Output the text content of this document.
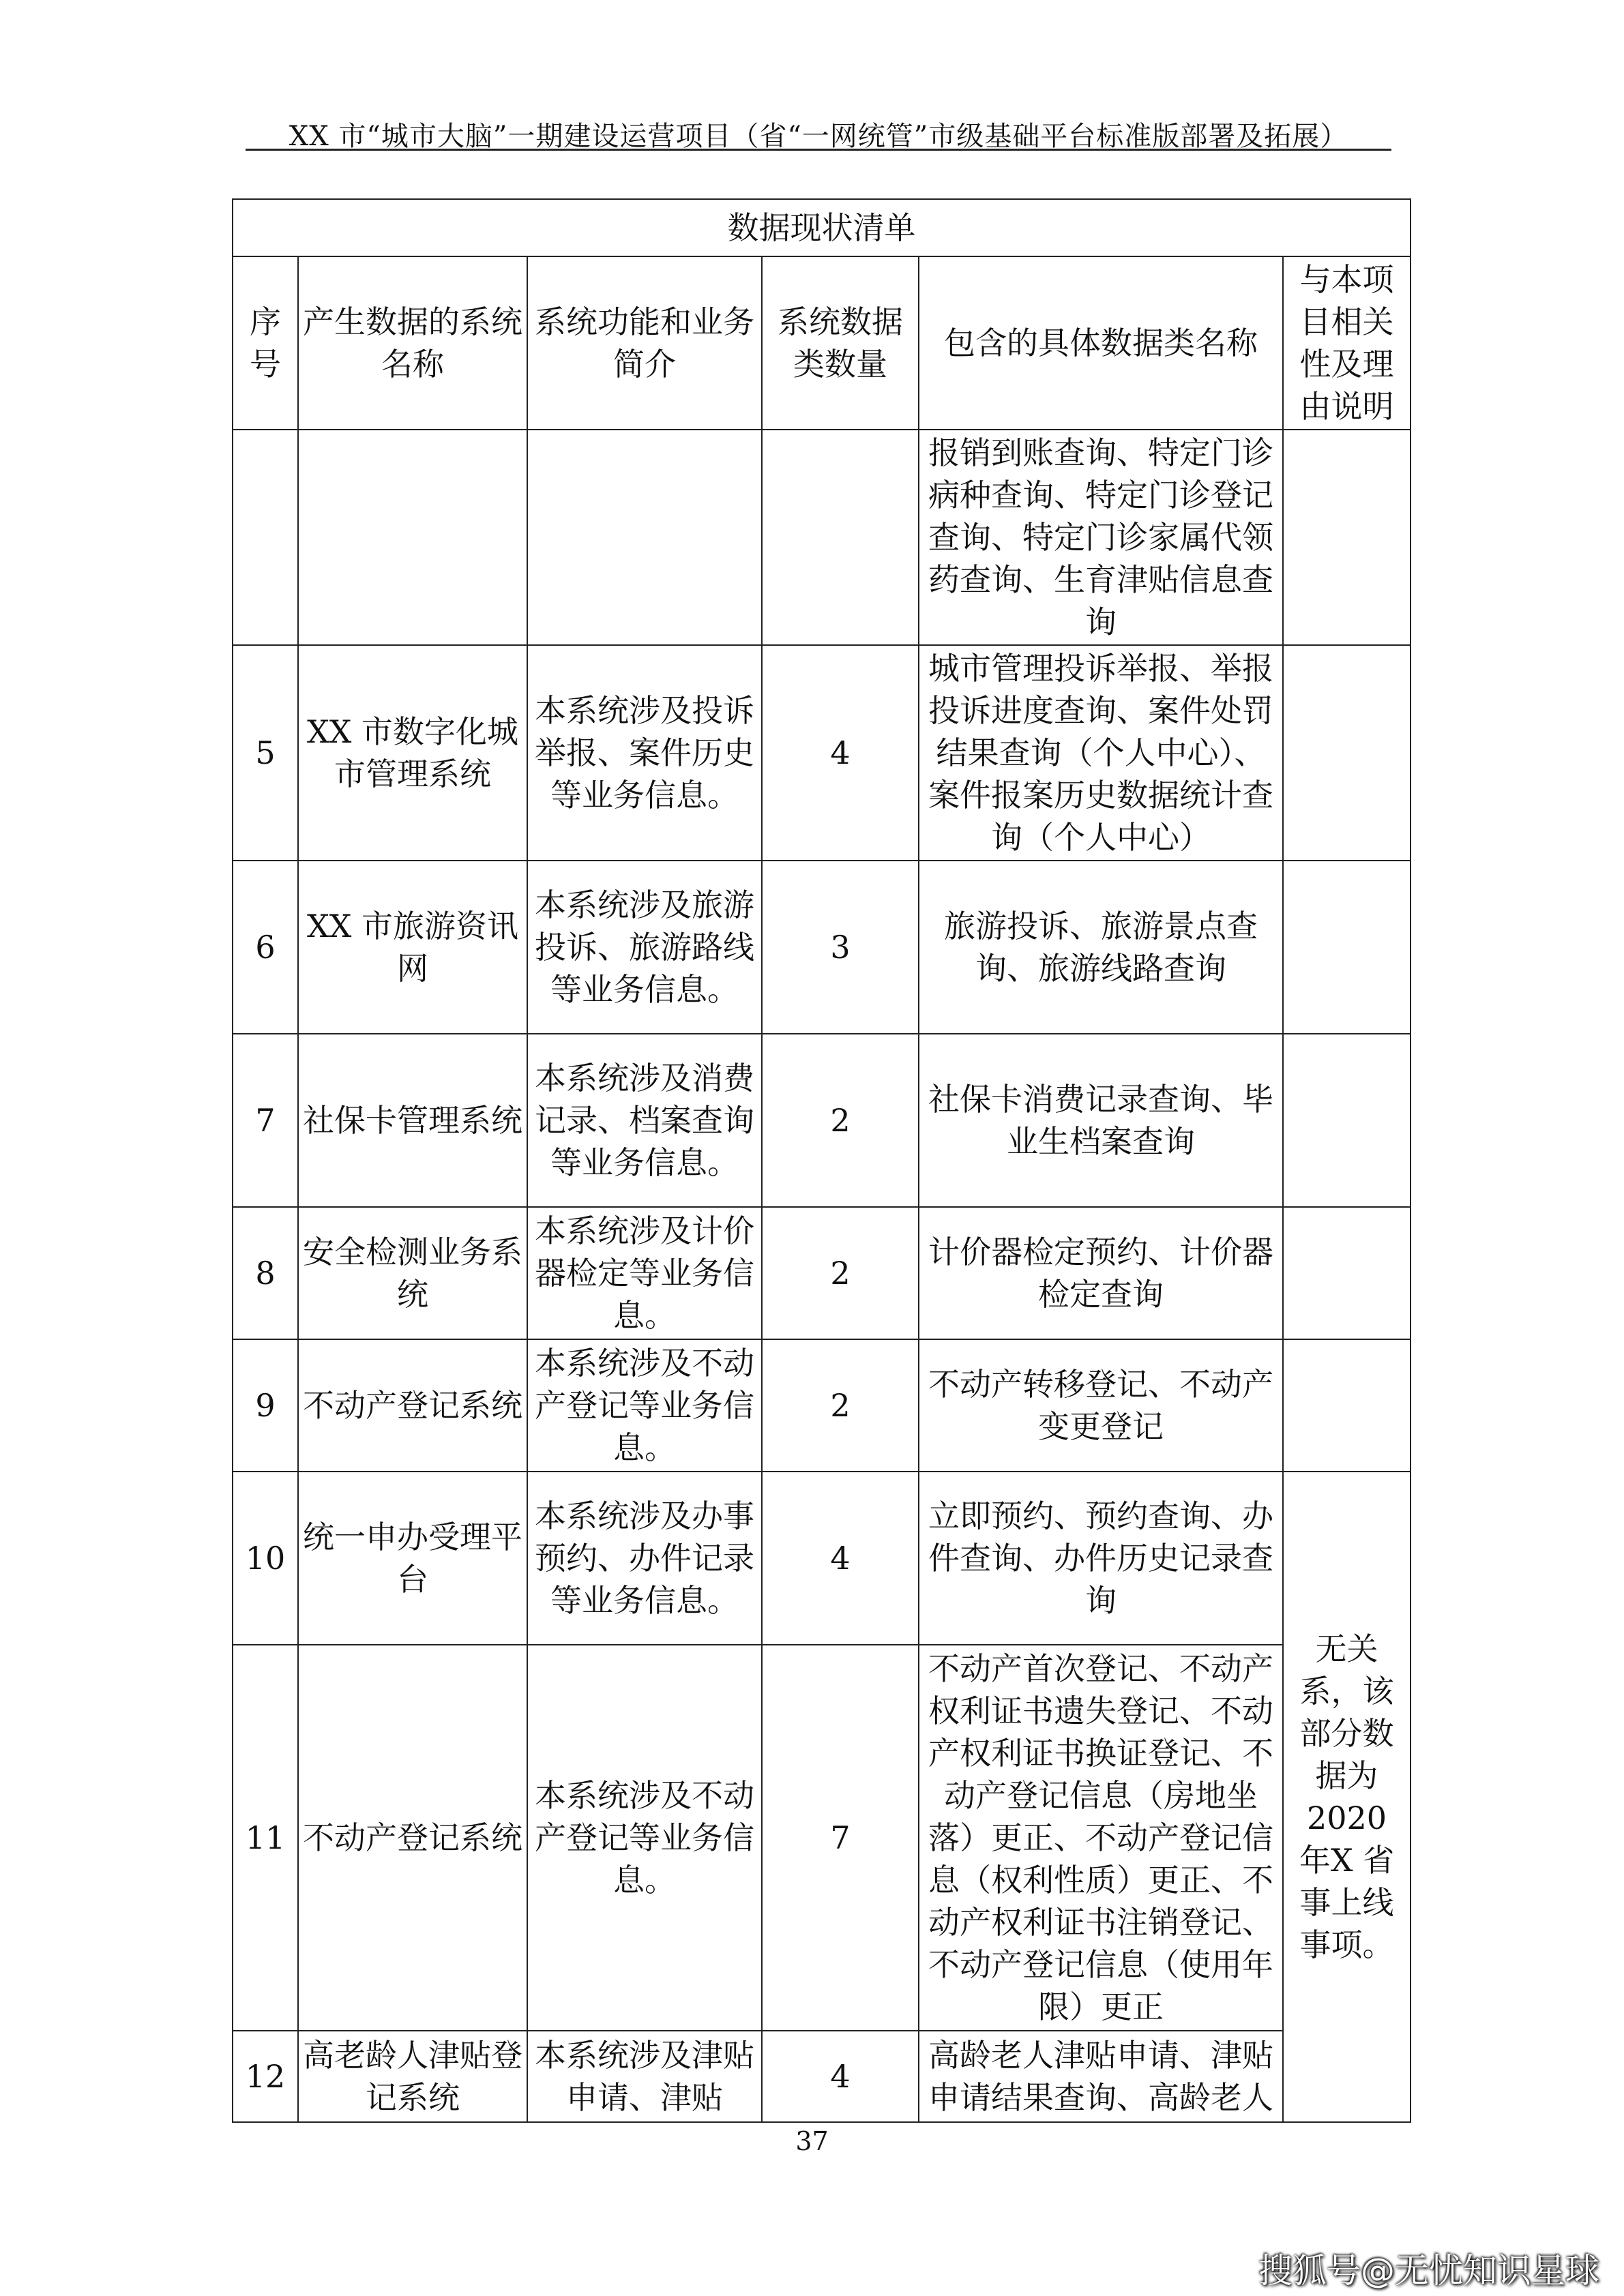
XX 市“城市大脑”一期建设运营项目（省“一网统管”市级基础平台标准版部署及拓展）
数据现状清单					
序号	产生数据的系统名称	系统功能和业务简介	系统数据类数量	包含的具体数据类名称	与本项目相关性及理由说明
				报销到账查询、特定门诊病种查询、特定门诊登记查询、特定门诊家属代领药查询、生育津贴信息查询	
5	XX 市数字化城市管理系统	本系统涉及投诉举报、案件历史等业务信息。	4	城市管理投诉举报、举报投诉进度查询、案件处罚结果查询（个人中心）、案件报案历史数据统计查询（个人中心）	
6	XX 市旅游资讯网	本系统涉及旅游投诉、旅游路线等业务信息。	3	旅游投诉、旅游景点查询、旅游线路查询	
7	社保卡管理系统	本系统涉及消费记录、档案查询等业务信息。	2	社保卡消费记录查询、毕业生档案查询	
8	安全检测业务系统	本系统涉及计价器检定等业务信息。	2	计价器检定预约、计价器检定查询	
9	不动产登记系统	本系统涉及不动产登记等业务信息。	2	不动产转移登记、不动产变更登记	
10	统一申办受理平台	本系统涉及办事预约、办件记录等业务信息。	4	立即预约、预约查询、办件查询、办件历史记录查询	无关系，该部分数据为2020 年X 省事上线事项。
11	不动产登记系统	本系统涉及不动产登记等业务信息。	7	不动产首次登记、不动产权利证书遗失登记、不动产权利证书换证登记、不动产登记信息（房地坐落）更正、不动产登记信息（权利性质）更正、不动产权利证书注销登记、不动产登记信息（使用年限）更正	
12	高老龄人津贴登记系统	本系统涉及津贴申请、津贴	4	高龄老人津贴申请、津贴申请结果查询、高龄老人	
37
搜狐号@无忧知识星球
